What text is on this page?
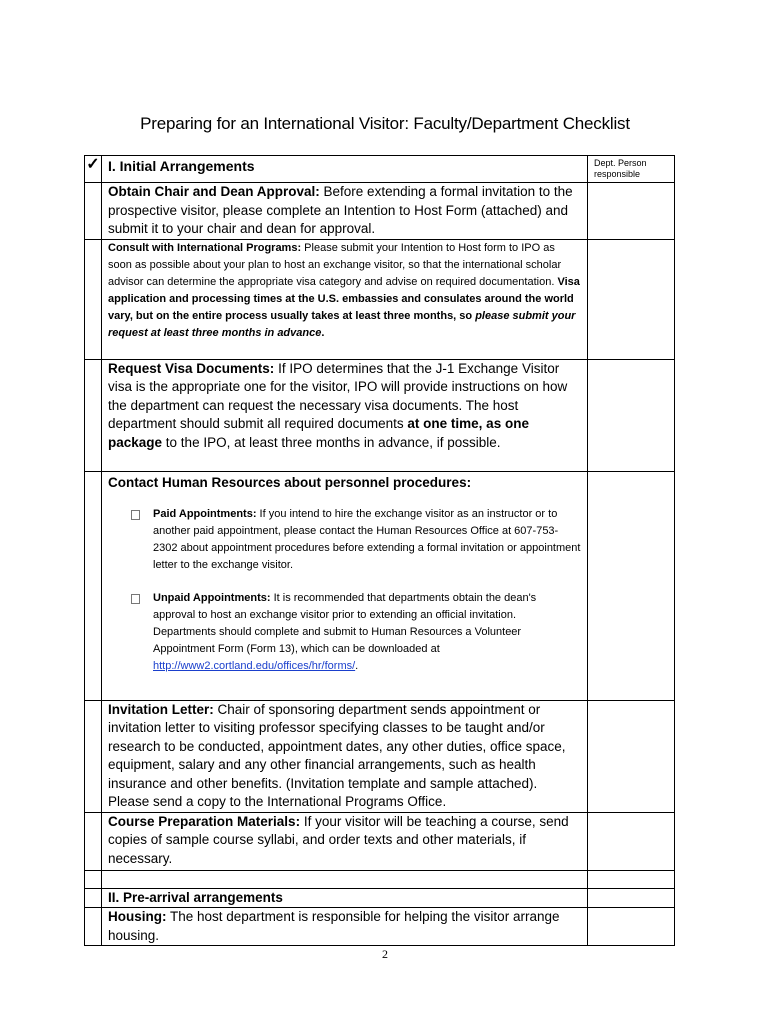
Preparing for an International Visitor: Faculty/Department Checklist
✓	I. Initial Arrangements	Dept. Person responsible

	Obtain Chair and Dean Approval: Before extending a formal invitation to the prospective visitor, please complete an Intention to Host Form (attached) and submit it to your chair and dean for approval.	

	Consult with International Programs: Please submit your Intention to Host form to IPO as soon as possible about your plan to host an exchange visitor, so that the international scholar advisor can determine the appropriate visa category and advise on required documentation. Visa application and processing times at the U.S. embassies and consulates around the world vary, but on the entire process usually takes at least three months, so please submit your request at least three months in advance.	

	Request Visa Documents: If IPO determines that the J-1 Exchange Visitor visa is the appropriate one for the visitor, IPO will provide instructions on how the department can request the necessary visa documents. The host department should submit all required documents at one time, as one package to the IPO, at least three months in advance, if possible.	

	Contact Human Resources about personnel procedures:

Paid Appointments: If you intend to hire the exchange visitor as an instructor or to another paid appointment, please contact the Human Resources Office at 607-753-2302 about appointment procedures before extending a formal invitation or appointment letter to the exchange visitor.
Unpaid Appointments: It is recommended that departments obtain the dean's approval to host an exchange visitor prior to extending an official invitation. Departments should complete and submit to Human Resources a Volunteer Appointment Form (Form 13), which can be downloaded at http://www2.cortland.edu/offices/hr/forms/.	

	Invitation Letter: Chair of sponsoring department sends appointment or invitation letter to visiting professor specifying classes to be taught and/or research to be conducted, appointment dates, any other duties, office space, equipment, salary and any other financial arrangements, such as health insurance and other benefits. (Invitation template and sample attached). Please send a copy to the International Programs Office.	

	Course Preparation Materials: If your visitor will be teaching a course, send copies of sample course syllabi, and order texts and other materials, if necessary.	

	II. Pre-arrival arrangements	

	Housing: The host department is responsible for helping the visitor arrange housing.	

2
